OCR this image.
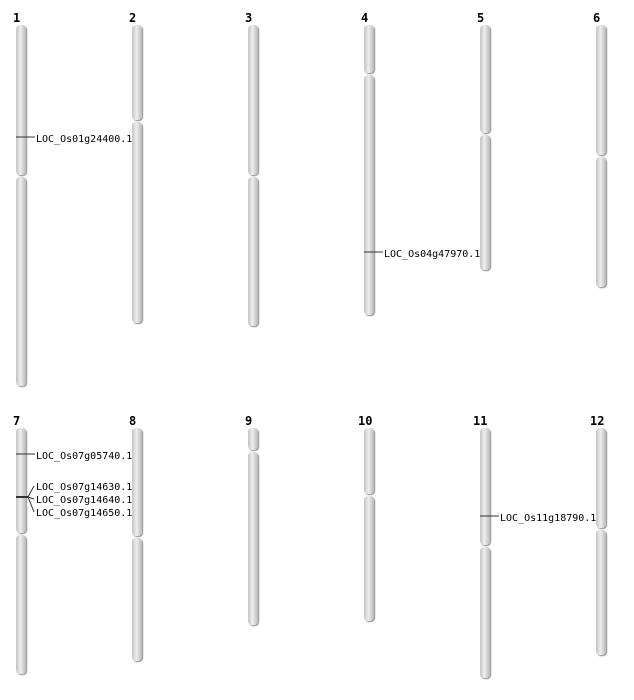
1
LOC_Os01g24400.1
2	3	4
LOC_Os04g47970.1
5	6
7
LOC_Os07g05740.1
LOC_Os07g14630.1
LOC_Os07g14640.1
LOC_Os07g14650.1
8	9	10	11
LOC_Os11g18790.1
12
